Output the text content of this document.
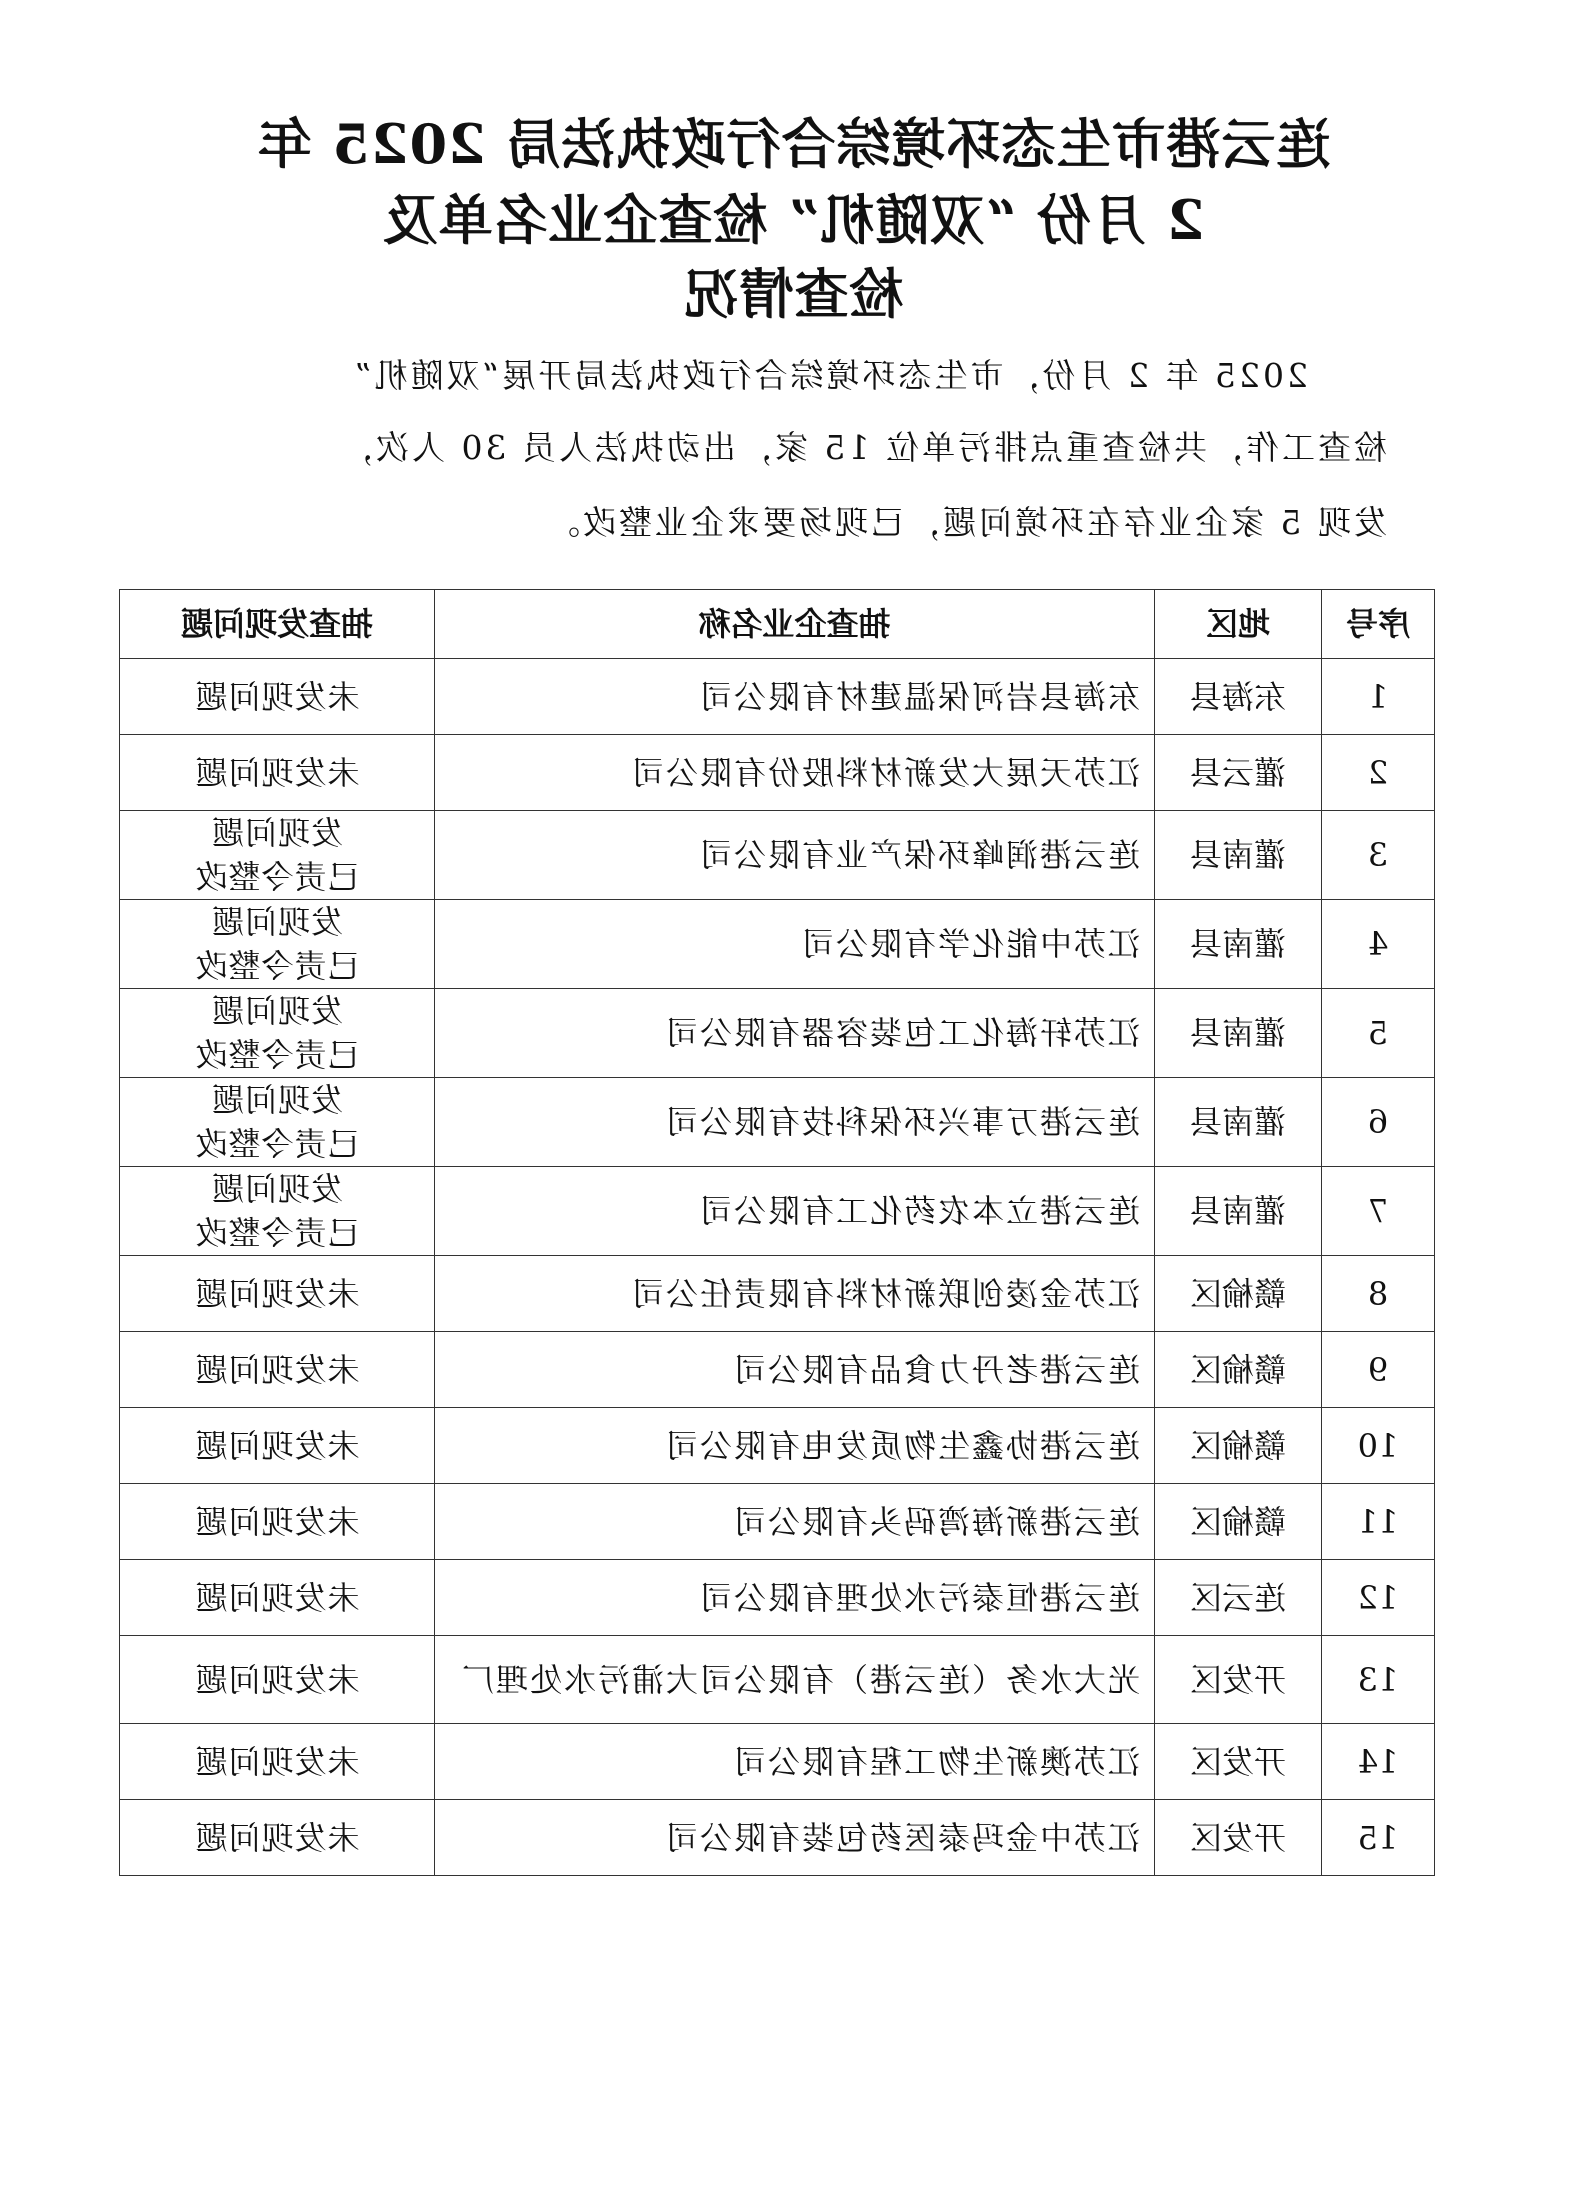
连云港市生态环境综合行政执法局 2025 年
2 月份 “双随机” 检查企业名单及
检查情况
2025 年 2 月份，市生态环境综合行政执法局开展“双随机”
检查工作，共检查重点排污单位 15 家，出动执法人员 30 人次，
发现 5 家企业存在环境问题，已现场要求企业整改。
序号	地区	抽查企业名称	抽查发现问题
1	东海县	东海县岩河保温建材有限公司	未发现问题

2	灌云县	江苏天展大发新材料股份有限公司	未发现问题

3	灌南县	连云港润峰环保产业有限公司	发现问题
已责令整改

4	灌南县	江苏中能化学有限公司	发现问题
已责令整改

5	灌南县	江苏轩海化工包装容器有限公司	发现问题
已责令整改

6	灌南县	连云港万事兴环保科技有限公司	发现问题
已责令整改

7	灌南县	连云港立本农药化工有限公司	发现问题
已责令整改

8	赣榆区	江苏金凌创联新材料有限责任公司	未发现问题

9	赣榆区	连云港老丹力食品有限公司	未发现问题

10	赣榆区	连云港协鑫生物质发电有限公司	未发现问题

11	赣榆区	连云港新海湾码头有限公司	未发现问题

12	连云区	连云港恒泰污水处理有限公司	未发现问题

13	开发区	光大水务（连云港）有限公司大浦污水处理厂	未发现问题

14	开发区	江苏澳新生物工程有限公司	未发现问题

15	开发区	江苏中金玛泰医药包装有限公司	未发现问题
